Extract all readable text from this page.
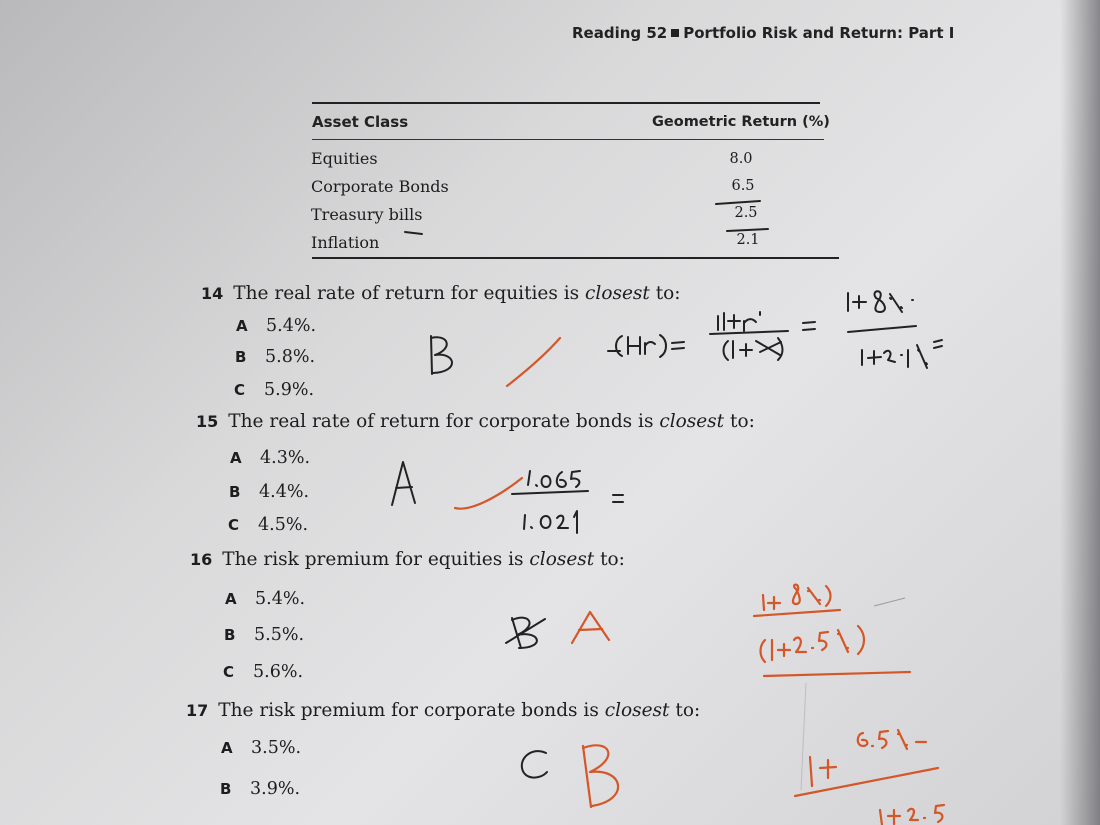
Reading 52 Portfolio Risk and Return: Part I
Asset Class	Geometric Return (%)
Equities	8.0
Corporate Bonds	6.5
Treasury bills	2.5
Inflation	2.1
14 The real rate of return for equities is closest to:
A 5.4%.
B 5.8%.
C 5.9%.
15 The real rate of return for corporate bonds is closest to:
A 4.3%.
B 4.4%.
C 4.5%.
16 The risk premium for equities is closest to:
A 5.4%.
B 5.5%.
C 5.6%.
17 The risk premium for corporate bonds is closest to:
A 3.5%.
B 3.9%.
